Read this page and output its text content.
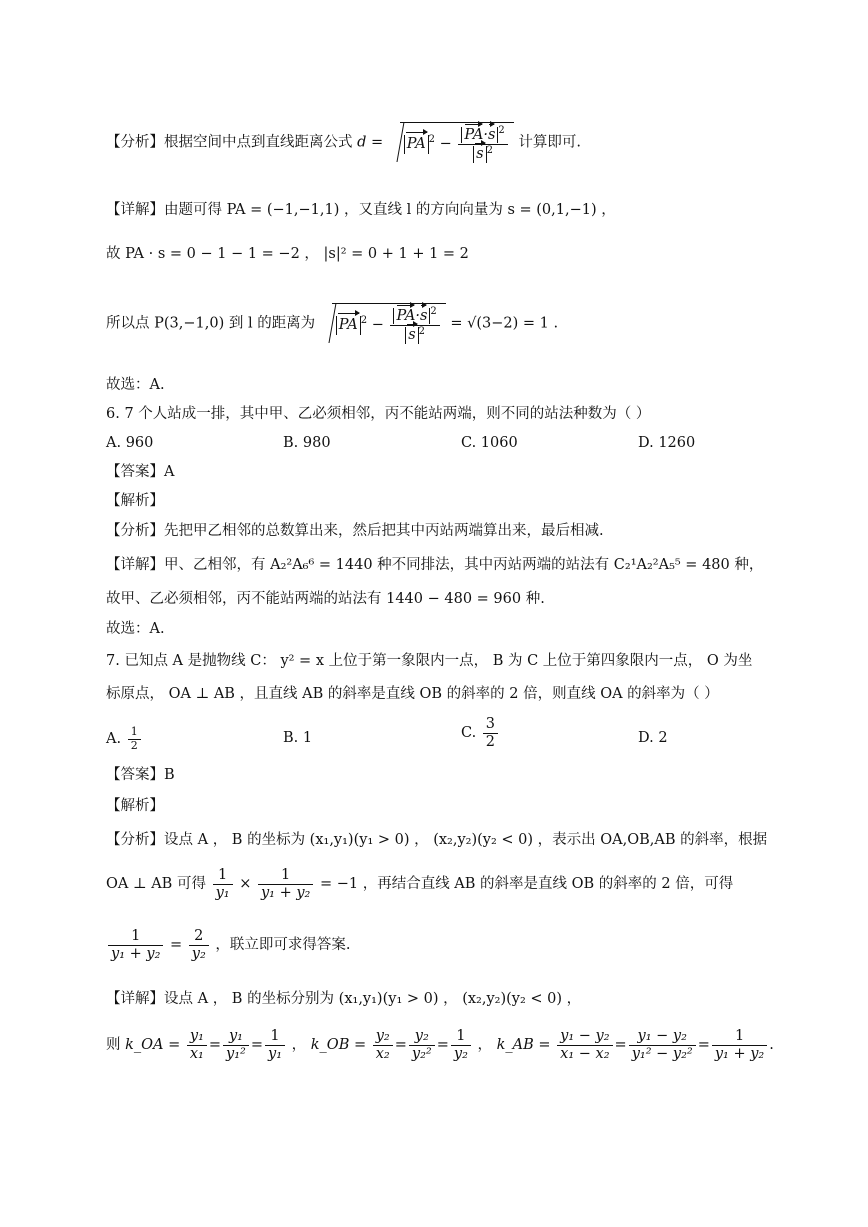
【分析】根据空间中点到直线距离公式 d = PA $^2 - \frac{PA\cdot s ^2}{s ^2}$ 计算即可.
【详解】由题可得 PA = (−1,−1,1) ，又直线 l 的方向向量为 s = (0,1,−1) ，
故 PA · s = 0 − 1 − 1 = −2 ， |s|² = 0 + 1 + 1 = 2
所以点 P(3,−1,0) 到 l 的距离为 PA $^2 - \frac{PA\cdot s ^2}{s ^2} = √(3-2) = 1$ .
故选：A.
6. 7 个人站成一排，其中甲、乙必须相邻，丙不能站两端，则不同的站法种数为（ ）
A. 960	B. 980	C. 1060	D. 1260
【答案】A
【解析】
【分析】先把甲乙相邻的总数算出来，然后把其中丙站两端算出来，最后相减.
【详解】甲、乙相邻，有 A₂²A₆⁶ = 1440 种不同排法，其中丙站两端的站法有 C₂¹A₂²A₅⁵ = 480 种，
故甲、乙必须相邻，丙不能站两端的站法有 1440 − 480 = 960 种.
故选：A.
7. 已知点 A 是抛物线 C： y² = x 上位于第一象限内一点， B 为 C 上位于第四象限内一点， O 为坐
标原点， OA ⊥ AB ，且直线 AB 的斜率是直线 OB 的斜率的 2 倍，则直线 OA 的斜率为（ ）
A. $\frac{1}{2}$	B. 1	C. $\frac{3}{2}$	D. 2
【答案】B
【解析】
【分析】设点 A ， B 的坐标为 (x₁,y₁)(y₁ > 0) ， (x₂,y₂)(y₂ < 0) ，表示出 OA,OB,AB 的斜率，根据
OA ⊥ AB 可得 $\frac{1}{\text{y₁}} \times \frac{1}{\text{y₁ + y₂}} = -1$ ，再结合直线 AB 的斜率是直线 OB 的斜率的 2 倍，可得
$\frac{1}{\text{y₁ + y₂}} = \frac{2}{\text{y₂}}$ ，联立即可求得答案.
【详解】设点 A ， B 的坐标分别为 (x₁,y₁)(y₁ > 0) ， (x₂,y₂)(y₂ < 0) ，
则 k_OA = $\frac{\text{y₁}}{\text{x₁}} = \frac{\text{y₁}}{\text{y₁²}} = \frac{1}{\text{y₁}}$ ， k_OB = $\frac{\text{y₂}}{\text{x₂}} = \frac{\text{y₂}}{\text{y₂²}} = \frac{1}{\text{y₂}}$ ， k_AB = $\frac{\text{y₁ − y₂}}{\text{x₁ − x₂}} = \frac{\text{y₁ − y₂}}{\text{y₁² − y₂²}} = \frac{1}{\text{y₁ + y₂}}$ .
